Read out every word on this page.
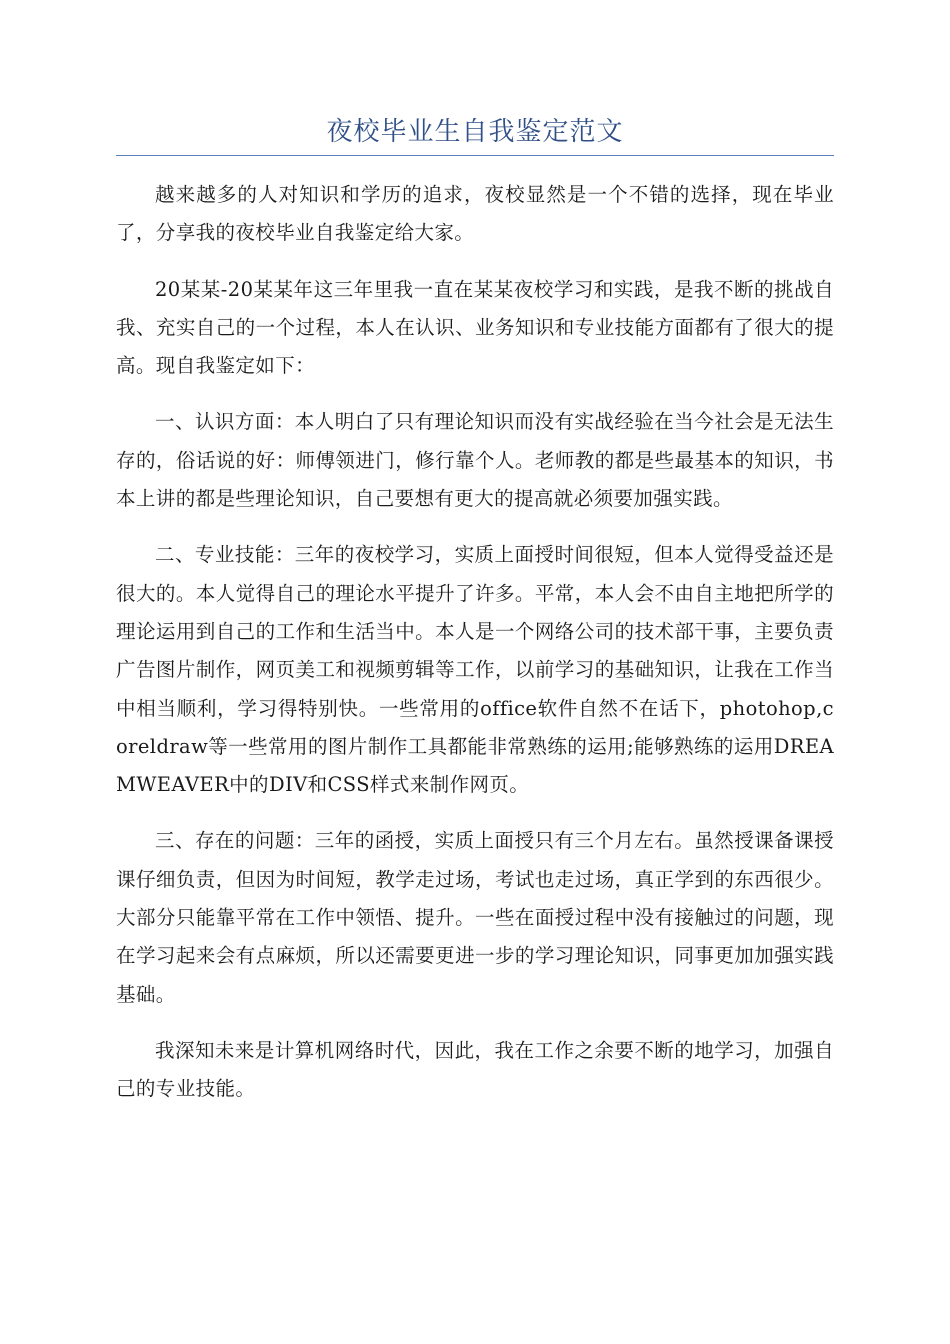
夜校毕业生自我鉴定范文

越来越多的人对知识和学历的追求，夜校显然是一个不错的选择，现在毕业了，分享我的夜校毕业自我鉴定给大家。

20某某-20某某年这三年里我一直在某某夜校学习和实践，是我不断的挑战自我、充实自己的一个过程，本人在认识、业务知识和专业技能方面都有了很大的提高。现自我鉴定如下：

一、认识方面：本人明白了只有理论知识而没有实战经验在当今社会是无法生存的，俗话说的好：师傅领进门，修行靠个人。老师教的都是些最基本的知识，书本上讲的都是些理论知识，自己要想有更大的提高就必须要加强实践。

二、专业技能：三年的夜校学习，实质上面授时间很短，但本人觉得受益还是很大的。本人觉得自己的理论水平提升了许多。平常，本人会不由自主地把所学的理论运用到自己的工作和生活当中。本人是一个网络公司的技术部干事，主要负责广告图片制作，网页美工和视频剪辑等工作，以前学习的基础知识，让我在工作当中相当顺利，学习得特别快。一些常用的office软件自然不在话下，photohop,coreldraw等一些常用的图片制作工具都能非常熟练的运用;能够熟练的运用DREAMWEAVER中的DIV和CSS样式来制作网页。

三、存在的问题：三年的函授，实质上面授只有三个月左右。虽然授课备课授课仔细负责，但因为时间短，教学走过场，考试也走过场，真正学到的东西很少。大部分只能靠平常在工作中领悟、提升。一些在面授过程中没有接触过的问题，现在学习起来会有点麻烦，所以还需要更进一步的学习理论知识，同事更加加强实践基础。

我深知未来是计算机网络时代，因此，我在工作之余要不断的地学习，加强自己的专业技能。
